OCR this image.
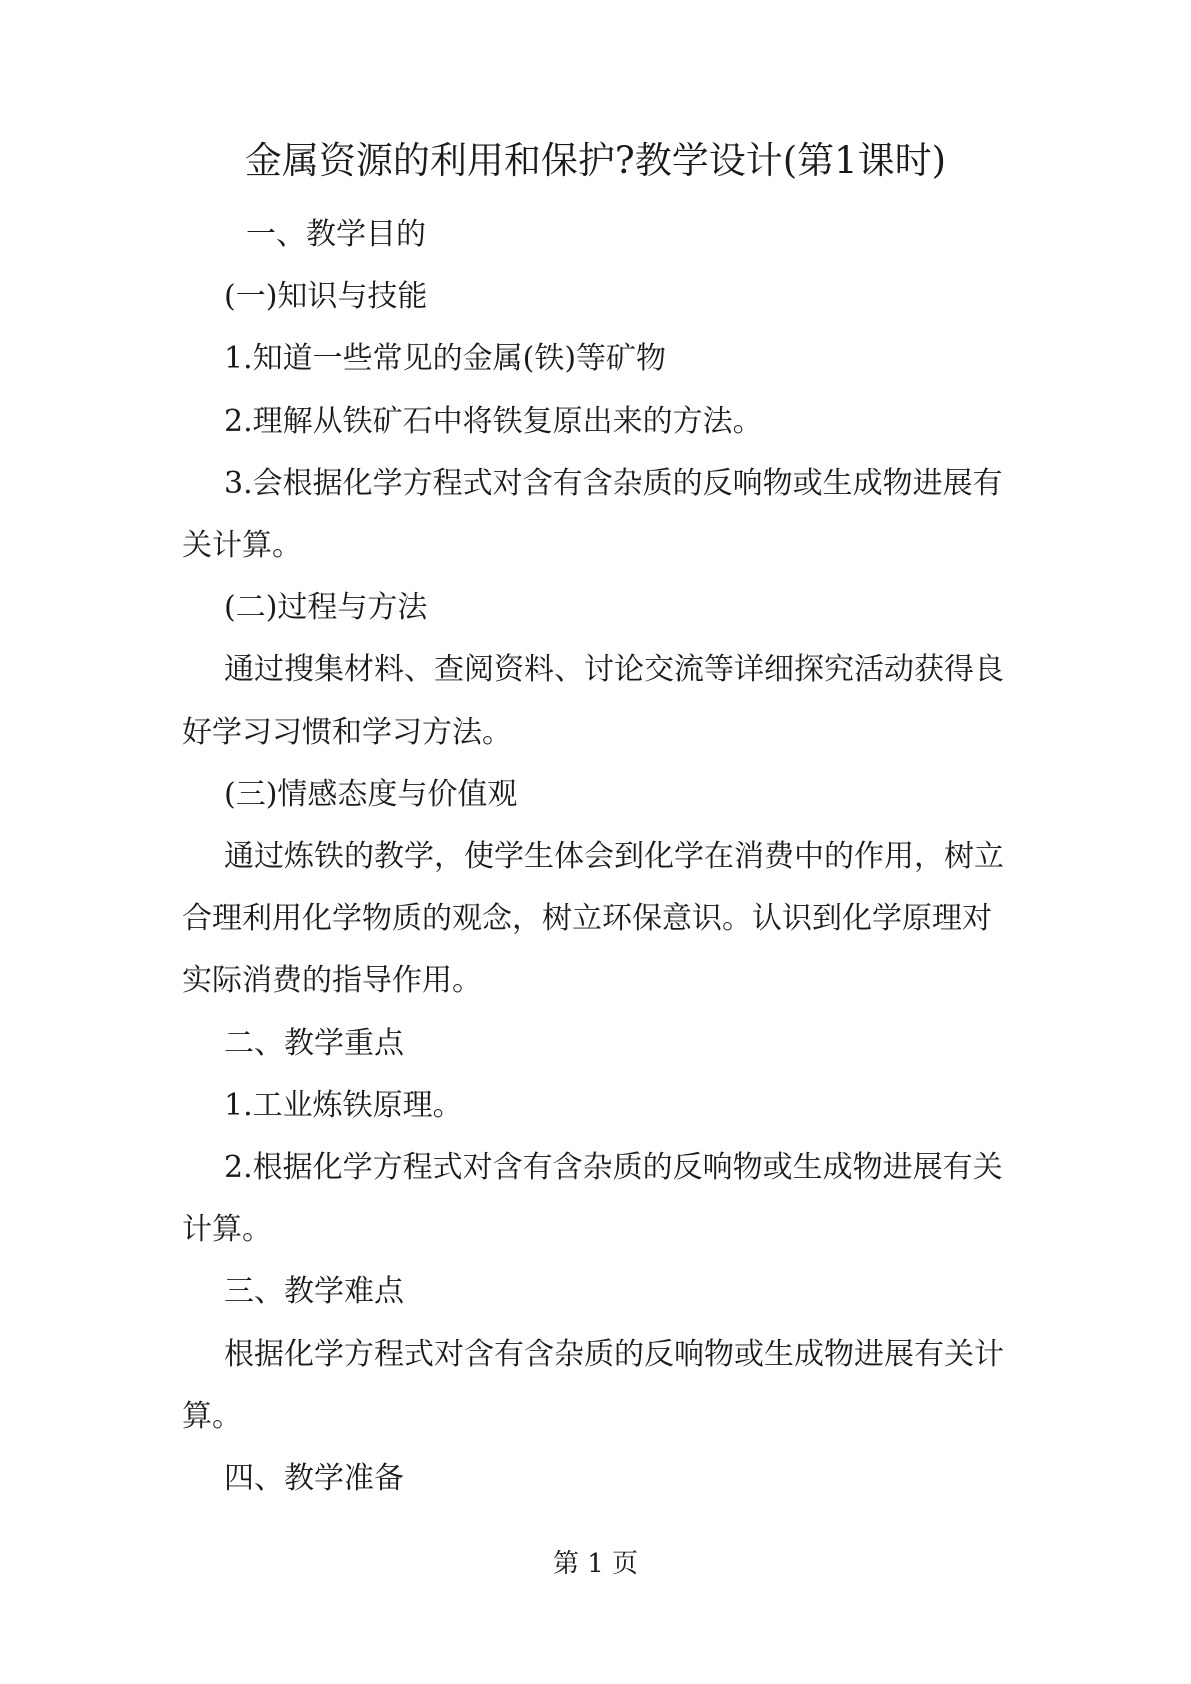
金属资源的利用和保护?教学设计(第1课时)

一、教学目的

(一)知识与技能

1.知道一些常见的金属(铁)等矿物

2.理解从铁矿石中将铁复原出来的方法。

3.会根据化学方程式对含有含杂质的反响物或生成物进展有关计算。

(二)过程与方法

通过搜集材料、查阅资料、讨论交流等详细探究活动获得良好学习习惯和学习方法。

(三)情感态度与价值观

通过炼铁的教学，使学生体会到化学在消费中的作用，树立合理利用化学物质的观念，树立环保意识。认识到化学原理对实际消费的指导作用。

二、教学重点

1.工业炼铁原理。

2.根据化学方程式对含有含杂质的反响物或生成物进展有关计算。

三、教学难点

根据化学方程式对含有含杂质的反响物或生成物进展有关计算。

四、教学准备

第 1 页
